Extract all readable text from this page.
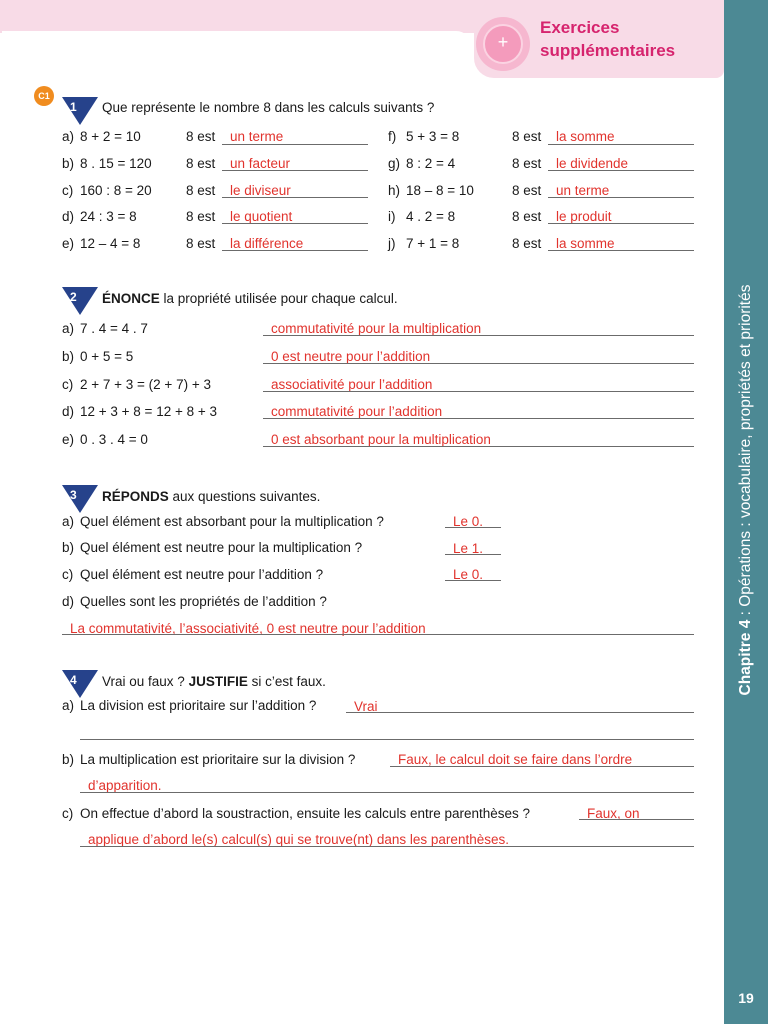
+
Exercices
supplémentaires
Chapitre 4 : Opérations : vocabulaire, propriétés et priorités
19
C1
1 Que représente le nombre 8 dans les calculs suivants ?
a) 8 + 2 = 10	8 est un terme
b) 8 . 15 = 120	8 est un facteur
c) 160 : 8 = 20	8 est le diviseur
d) 24 : 3 = 8	8 est le quotient
e) 12 – 4 = 8	8 est la différence
f) 5 + 3 = 8	8 est la somme
g) 8 : 2 = 4	8 est le dividende
h) 18 – 8 = 10	8 est un terme
i) 4 . 2 = 8	8 est le produit
j) 7 + 1 = 8	8 est la somme
2 ÉNONCE la propriété utilisée pour chaque calcul.
a) 7 . 4 = 4 . 7	commutativité pour la multiplication
b) 0 + 5 = 5	0 est neutre pour l’addition
c) 2 + 7 + 3 = (2 + 7) + 3	associativité pour l’addition
d) 12 + 3 + 8 = 12 + 8 + 3	commutativité pour l’addition
e) 0 . 3 . 4 = 0	0 est absorbant pour la multiplication
3 RÉPONDS aux questions suivantes.
a) Quel élément est absorbant pour la multiplication ?	Le 0.
b) Quel élément est neutre pour la multiplication ?	Le 1.
c) Quel élément est neutre pour l’addition ?	Le 0.
d) Quelles sont les propriétés de l’addition ?
La commutativité, l’associativité, 0 est neutre pour l’addition
4 Vrai ou faux ? JUSTIFIE si c’est faux.
a) La division est prioritaire sur l’addition ?	Vrai
b) La multiplication est prioritaire sur la division ?	Faux, le calcul doit se faire dans l’ordre
d’apparition.
c) On effectue d’abord la soustraction, ensuite les calculs entre parenthèses ?	Faux, on
applique d’abord le(s) calcul(s) qui se trouve(nt) dans les parenthèses.
